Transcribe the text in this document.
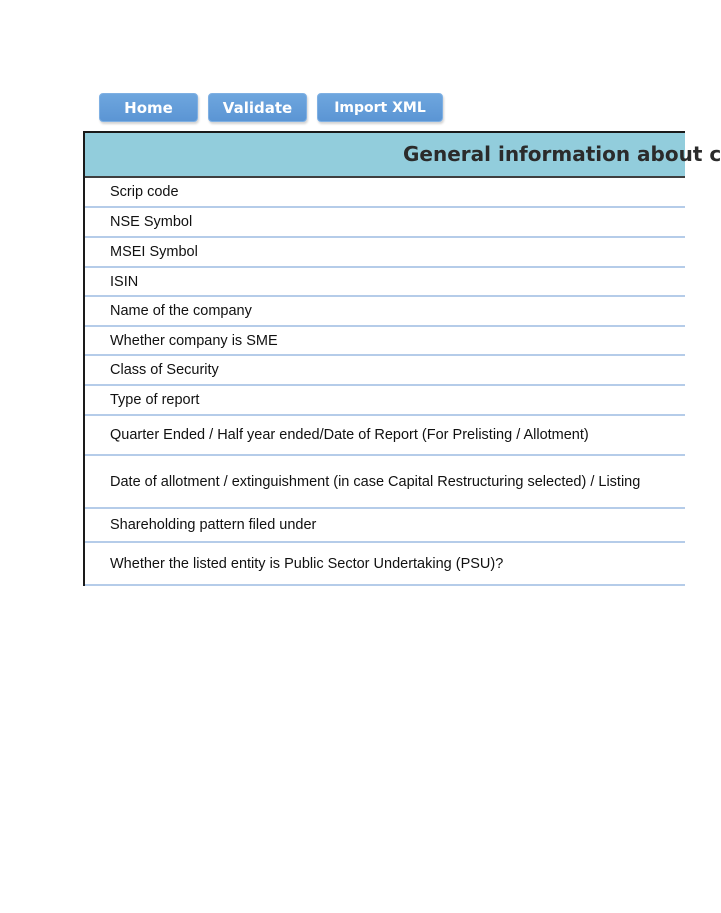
Home	Validate	Import XML
General information about c
Scrip code
NSE Symbol
MSEI Symbol
ISIN
Name of the company
Whether company is SME
Class of Security
Type of report
Quarter Ended / Half year ended/Date of Report (For Prelisting / Allotment)
Date of allotment / extinguishment (in case Capital Restructuring selected) / Listing
Shareholding pattern filed under
Whether the listed entity is Public Sector Undertaking (PSU)?
